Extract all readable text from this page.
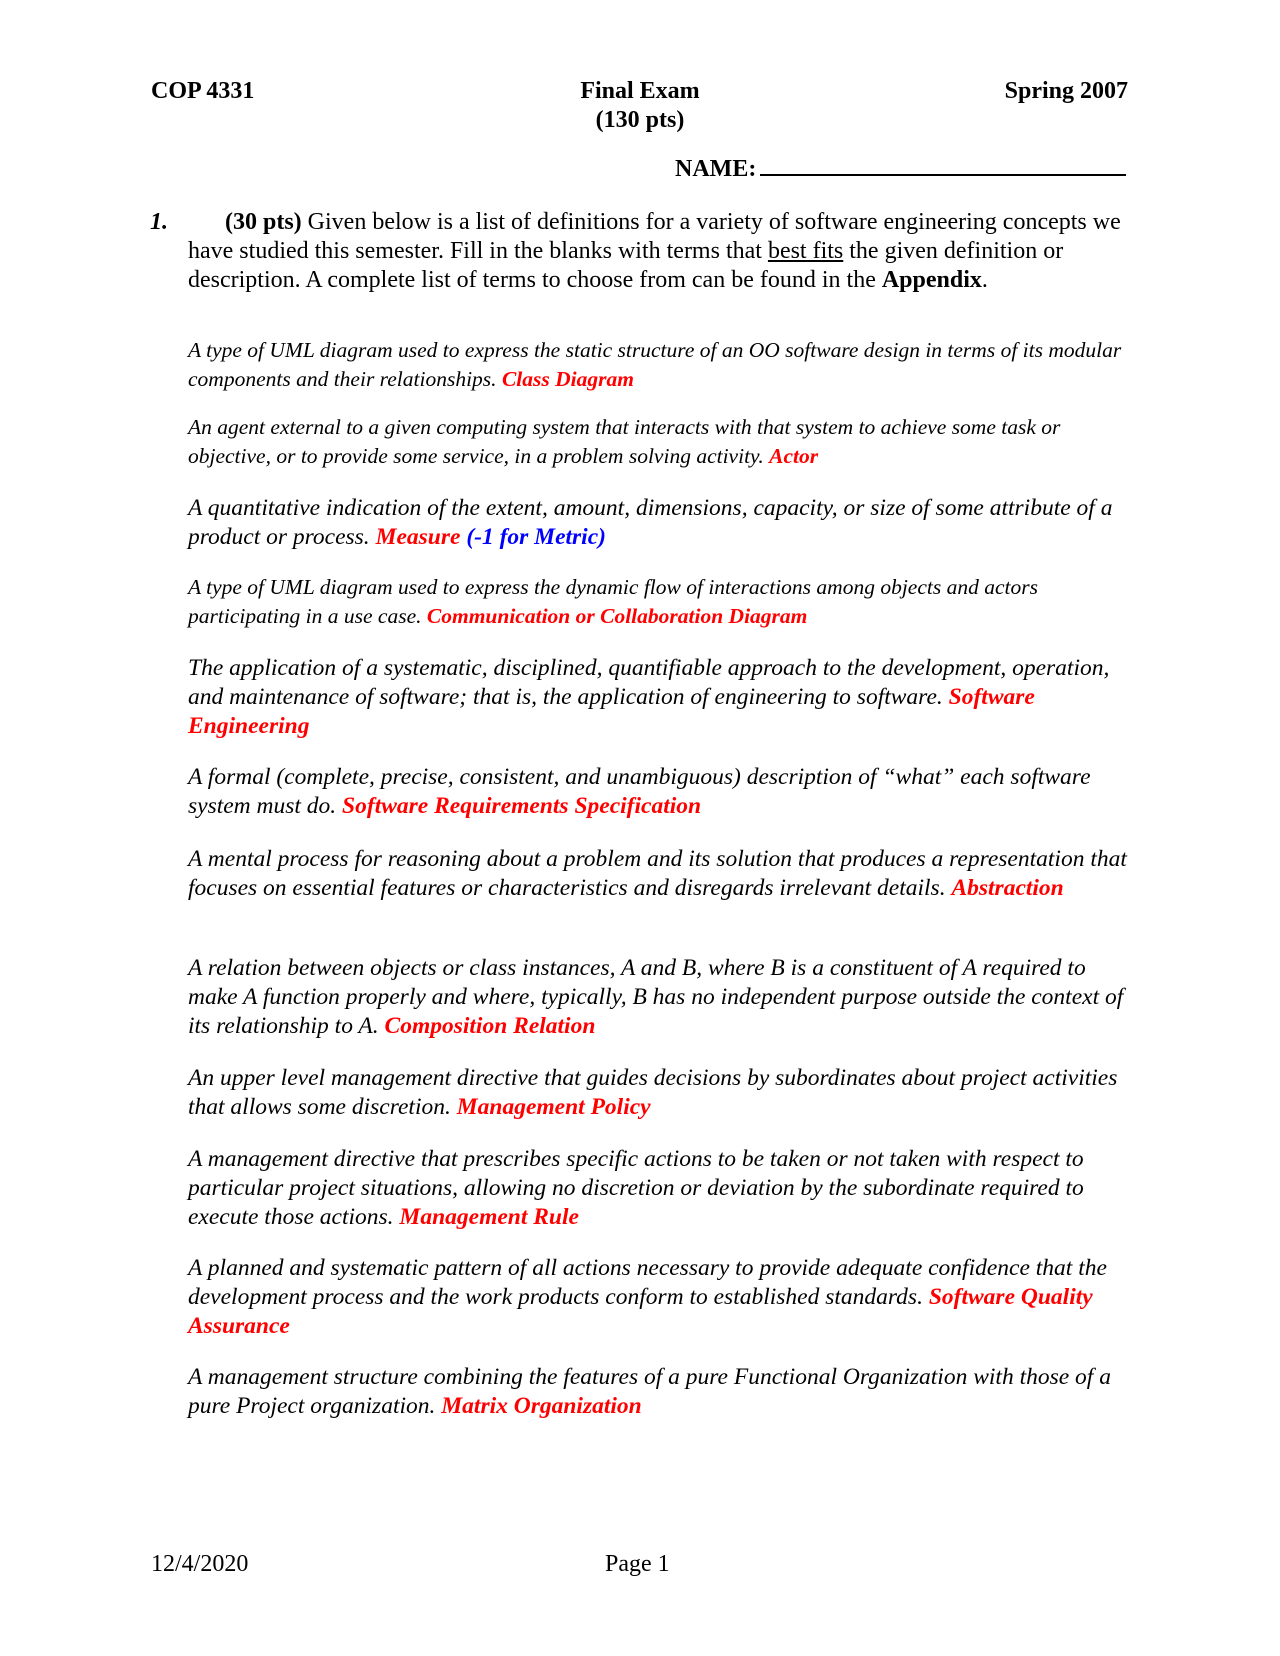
COP 4331	Final Exam
(130 pts)
Spring 2007
NAME:
1. (30 pts) Given below is a list of definitions for a variety of software engineering concepts we have studied this semester. Fill in the blanks with terms that best fits the given definition or description. A complete list of terms to choose from can be found in the Appendix.
A type of UML diagram used to express the static structure of an OO software design in terms of its modular components and their relationships. Class Diagram
An agent external to a given computing system that interacts with that system to achieve some task or objective, or to provide some service, in a problem solving activity. Actor
A quantitative indication of the extent, amount, dimensions, capacity, or size of some attribute of a product or process. Measure (-1 for Metric)
A type of UML diagram used to express the dynamic flow of interactions among objects and actors participating in a use case. Communication or Collaboration Diagram
The application of a systematic, disciplined, quantifiable approach to the development, operation, and maintenance of software; that is, the application of engineering to software. Software Engineering
A formal (complete, precise, consistent, and unambiguous) description of “what” each software system must do. Software Requirements Specification
A mental process for reasoning about a problem and its solution that produces a representation that focuses on essential features or characteristics and disregards irrelevant details. Abstraction
A relation between objects or class instances, A and B, where B is a constituent of A required to make A function properly and where, typically, B has no independent purpose outside the context of its relationship to A. Composition Relation
An upper level management directive that guides decisions by subordinates about project activities that allows some discretion. Management Policy
A management directive that prescribes specific actions to be taken or not taken with respect to particular project situations, allowing no discretion or deviation by the subordinate required to execute those actions. Management Rule
A planned and systematic pattern of all actions necessary to provide adequate confidence that the development process and the work products conform to established standards. Software Quality Assurance
A management structure combining the features of a pure Functional Organization with those of a pure Project organization. Matrix Organization
12/4/2020	Page 1
